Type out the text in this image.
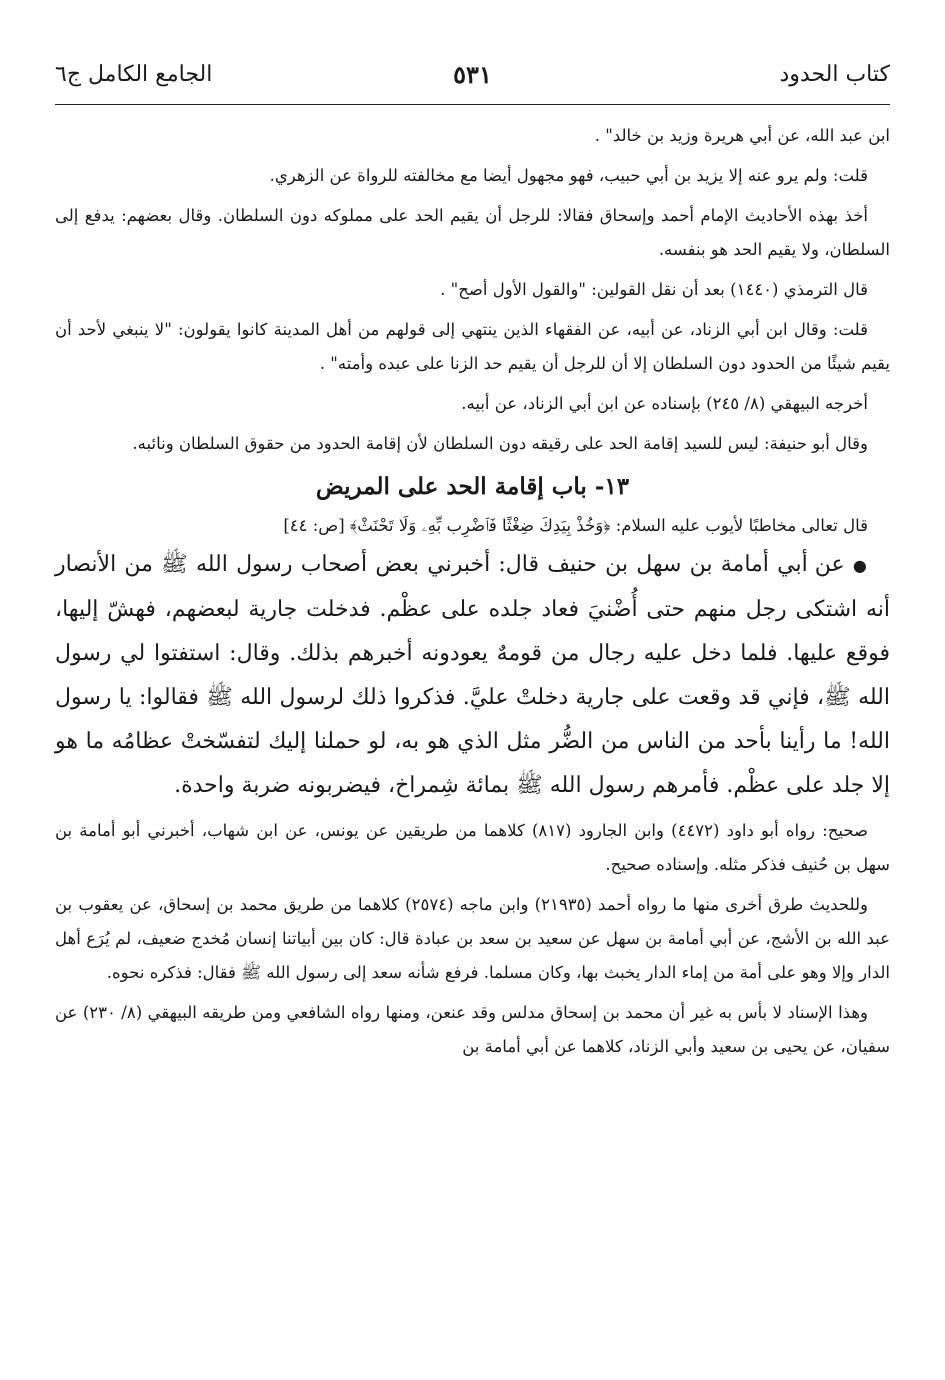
كتاب الحدود
٥٣١
الجامع الكامل ج٦

ابن عبد الله، عن أبي هريرة وزيد بن خالد" .

قلت: ولم يرو عنه إلا يزيد بن أبي حبيب، فهو مجهول أيضا مع مخالفته للرواة عن الزهري.

أخذ بهذه الأحاديث الإمام أحمد وإسحاق فقالا: للرجل أن يقيم الحد على مملوكه دون السلطان. وقال بعضهم: يدفع إلى السلطان، ولا يقيم الحد هو بنفسه.

قال الترمذي (١٤٤٠) بعد أن نقل القولين: "والقول الأول أصح" .

قلت: وقال ابن أبي الزناد، عن أبيه، عن الفقهاء الذين ينتهي إلى قولهم من أهل المدينة كانوا يقولون: "لا ينبغي لأحد أن يقيم شيئًا من الحدود دون السلطان إلا أن للرجل أن يقيم حد الزنا على عبده وأمته" .

أخرجه البيهقي (٨/ ٢٤٥) بإسناده عن ابن أبي الزناد، عن أبيه.

وقال أبو حنيفة: ليس للسيد إقامة الحد على رقيقه دون السلطان لأن إقامة الحدود من حقوق السلطان ونائبه.

١٣- باب إقامة الحد على المريض

قال تعالى مخاطبًا لأيوب عليه السلام: ﴿وَخُذْ بِيَدِكَ ضِغْثًا فَٱضْرِب بِّهِۦ وَلَا تَحْنَثْ﴾ [ص: ٤٤]

● عن أبي أمامة بن سهل بن حنيف قال: أخبرني بعض أصحاب رسول الله ﷺ من الأنصار أنه اشتكى رجل منهم حتى أُضْنيَ فعاد جلده على عظْم. فدخلت جارية لبعضهم، فهشّ إليها، فوقع عليها. فلما دخل عليه رجال من قومهٌ يعودونه أخبرهم بذلك. وقال: استفتوا لي رسول الله ﷺ، فإني قد وقعت على جارية دخلتْ عليَّ. فذكروا ذلك لرسول الله ﷺ فقالوا: يا رسول الله! ما رأينا بأحد من الناس من الضُّر مثل الذي هو به، لو حملنا إليك لتفسّختْ عظامُه ما هو إلا جلد على عظْم. فأمرهم رسول الله ﷺ بمائة شِمراخ، فيضربونه ضربة واحدة.

صحيح: رواه أبو داود (٤٤٧٢) وابن الجارود (٨١٧) كلاهما من طريقين عن يونس، عن ابن شهاب، أخبرني أبو أمامة بن سهل بن حُنيف فذكر مثله. وإسناده صحيح.

وللحديث طرق أخرى منها ما رواه أحمد (٢١٩٣٥) وابن ماجه (٢٥٧٤) كلاهما من طريق محمد بن إسحاق، عن يعقوب بن عبد الله بن الأشج، عن أبي أمامة بن سهل عن سعيد بن سعد بن عبادة قال: كان بين أبياتنا إنسان مُخدج ضعيف، لم يُرَع أهل الدار وإلا وهو على أمة من إماء الدار يخبث بها، وكان مسلما. فرفع شأنه سعد إلى رسول الله ﷺ فقال: فذكره نحوه.

وهذا الإسناد لا بأس به غير أن محمد بن إسحاق مدلس وقد عنعن، ومنها رواه الشافعي ومن طريقه البيهقي (٨/ ٢٣٠) عن سفيان، عن يحيى بن سعيد وأبي الزناد، كلاهما عن أبي أمامة بن
